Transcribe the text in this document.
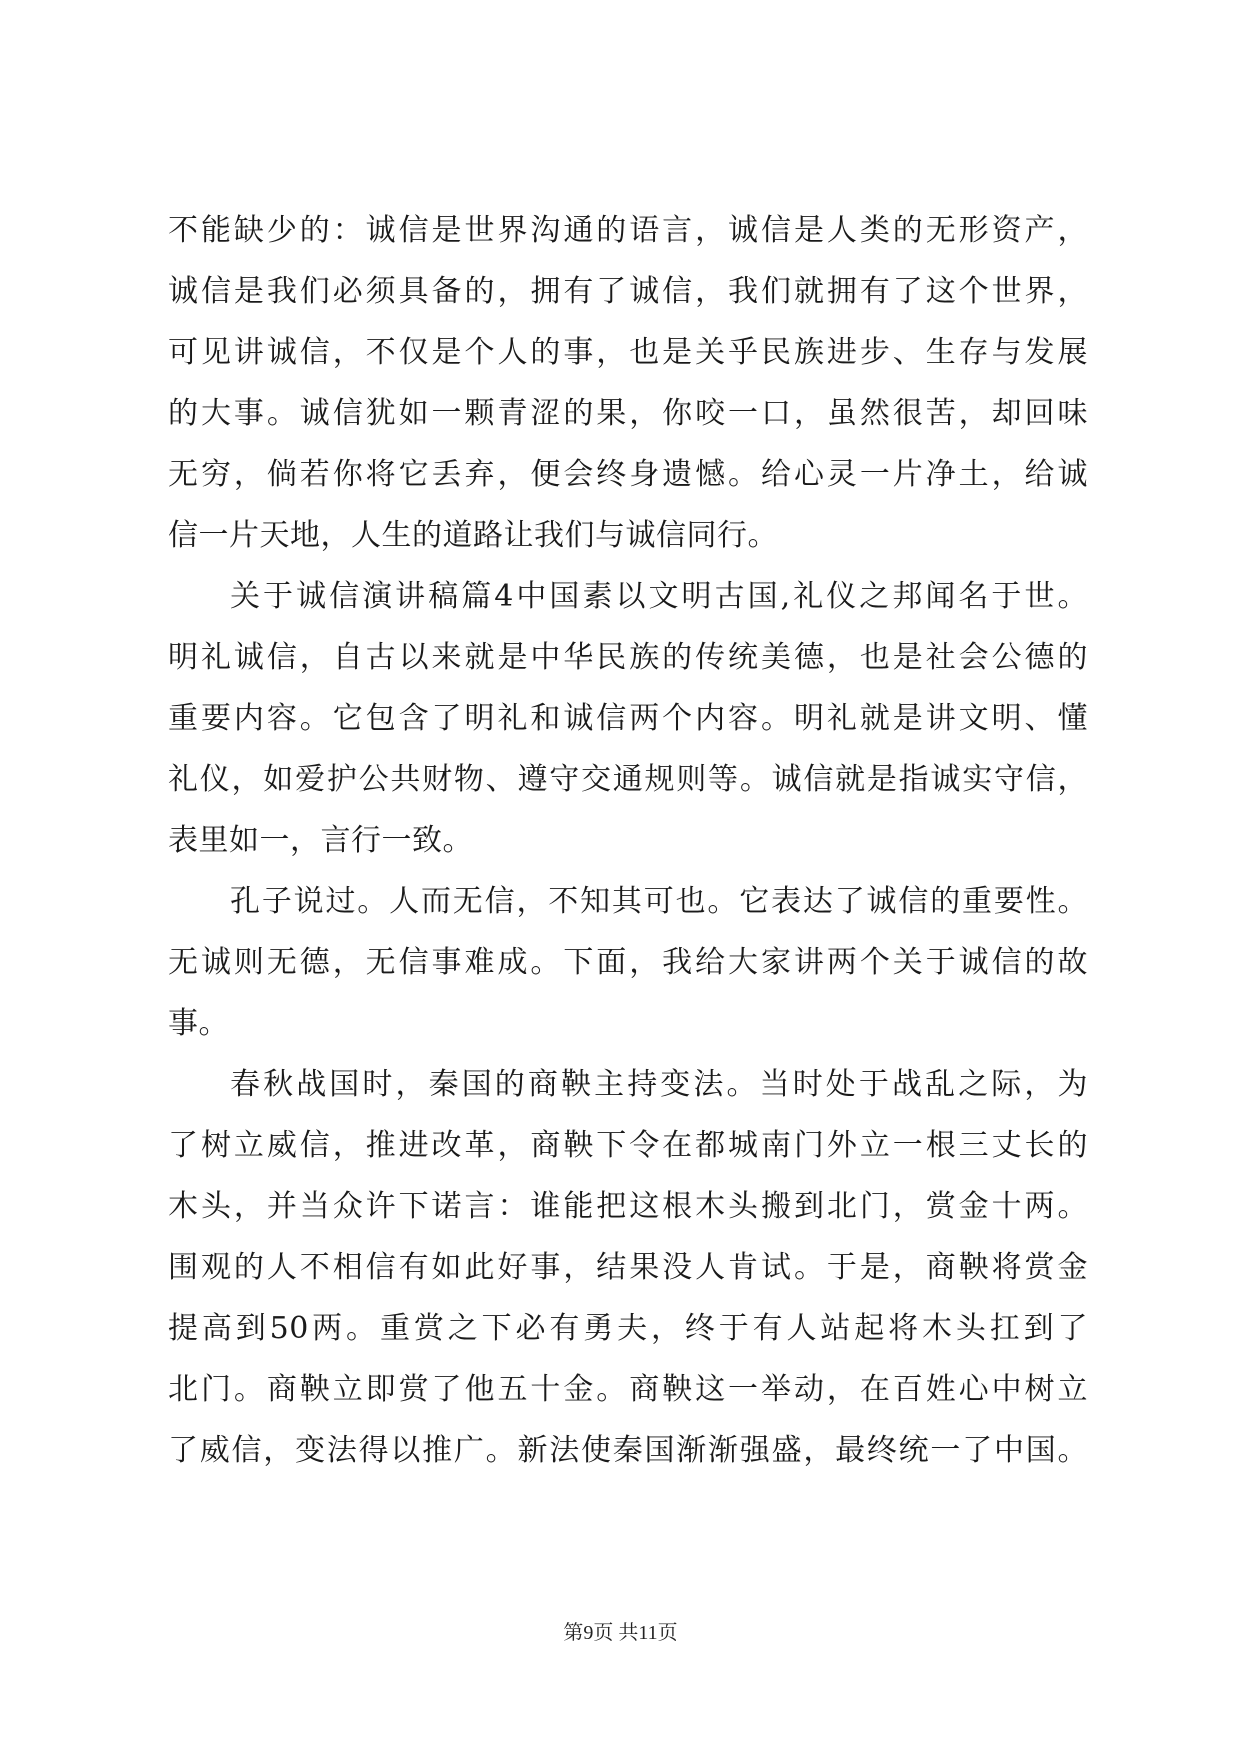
不能缺少的：诚信是世界沟通的语言，诚信是人类的无形资产，
诚信是我们必须具备的，拥有了诚信，我们就拥有了这个世界，
可见讲诚信，不仅是个人的事，也是关乎民族进步、生存与发展
的大事。诚信犹如一颗青涩的果，你咬一口，虽然很苦，却回味
无穷，倘若你将它丢弃，便会终身遗憾。给心灵一片净土，给诚
信一片天地，人生的道路让我们与诚信同行。
关于诚信演讲稿篇4中国素以文明古国,礼仪之邦闻名于世。
明礼诚信，自古以来就是中华民族的传统美德，也是社会公德的
重要内容。它包含了明礼和诚信两个内容。明礼就是讲文明、懂
礼仪，如爱护公共财物、遵守交通规则等。诚信就是指诚实守信，
表里如一，言行一致。
孔子说过。人而无信，不知其可也。它表达了诚信的重要性。
无诚则无德，无信事难成。下面，我给大家讲两个关于诚信的故
事。
春秋战国时，秦国的商鞅主持变法。当时处于战乱之际，为
了树立威信，推进改革，商鞅下令在都城南门外立一根三丈长的
木头，并当众许下诺言：谁能把这根木头搬到北门，赏金十两。
围观的人不相信有如此好事，结果没人肯试。于是，商鞅将赏金
提高到50两。重赏之下必有勇夫，终于有人站起将木头扛到了
北门。商鞅立即赏了他五十金。商鞅这一举动，在百姓心中树立
了威信，变法得以推广。新法使秦国渐渐强盛，最终统一了中国。
第9页 共11页
